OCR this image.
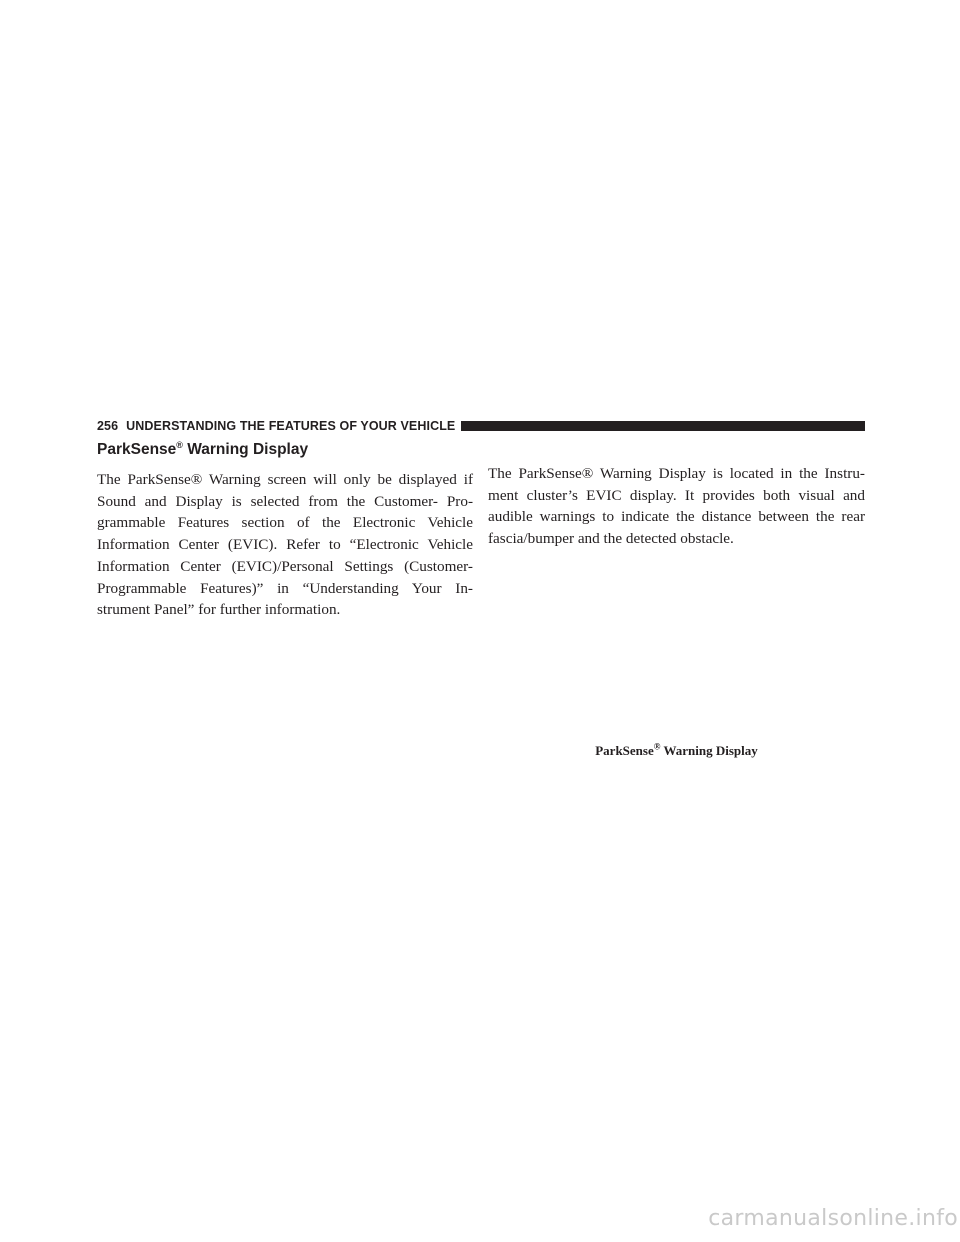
256 UNDERSTANDING THE FEATURES OF YOUR VEHICLE
ParkSense® Warning Display

The ParkSense® Warning screen will only be displayed if Sound and Display is selected from the Customer- Pro- grammable Features section of the Electronic Vehicle Information Center (EVIC). Refer to “Electronic Vehicle Information Center (EVIC)/Personal Settings (Customer- Programmable Features)” in “Understanding Your In- strument Panel” for further information.

The ParkSense® Warning Display is located in the Instru- ment cluster’s EVIC display. It provides both visual and audible warnings to indicate the distance between the rear fascia/bumper and the detected obstacle.

ParkSense® Warning Display
carmanualsonline.info
